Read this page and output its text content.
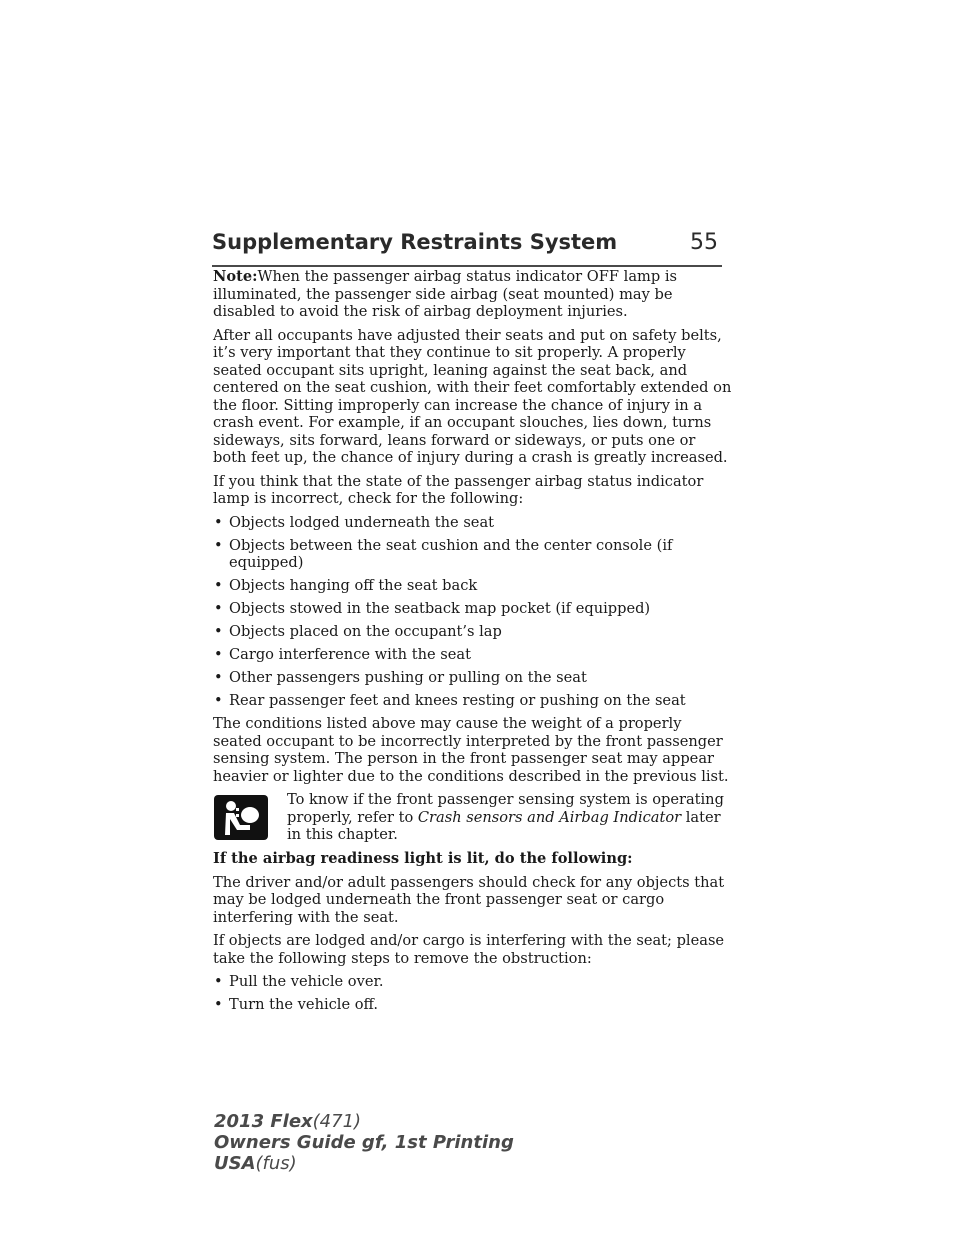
Supplementary Restraints System	55

Note:When the passenger airbag status indicator OFF lamp is illuminated, the passenger side airbag (seat mounted) may be disabled to avoid the risk of airbag deployment injuries.

After all occupants have adjusted their seats and put on safety belts, it’s very important that they continue to sit properly. A properly seated occupant sits upright, leaning against the seat back, and centered on the seat cushion, with their feet comfortably extended on the floor. Sitting improperly can increase the chance of injury in a crash event. For example, if an occupant slouches, lies down, turns sideways, sits forward, leans forward or sideways, or puts one or both feet up, the chance of injury during a crash is greatly increased.

If you think that the state of the passenger airbag status indicator lamp is incorrect, check for the following:

• Objects lodged underneath the seat
• Objects between the seat cushion and the center console (if equipped)
• Objects hanging off the seat back
• Objects stowed in the seatback map pocket (if equipped)
• Objects placed on the occupant’s lap
• Cargo interference with the seat
• Other passengers pushing or pulling on the seat
• Rear passenger feet and knees resting or pushing on the seat

The conditions listed above may cause the weight of a properly seated occupant to be incorrectly interpreted by the front passenger sensing system. The person in the front passenger seat may appear heavier or lighter due to the conditions described in the previous list.

To know if the front passenger sensing system is operating properly, refer to Crash sensors and Airbag Indicator later in this chapter.

If the airbag readiness light is lit, do the following:

The driver and/or adult passengers should check for any objects that may be lodged underneath the front passenger seat or cargo interfering with the seat.

If objects are lodged and/or cargo is interfering with the seat; please take the following steps to remove the obstruction:

• Pull the vehicle over.
• Turn the vehicle off.
2013 Flex(471)
Owners Guide gf, 1st Printing
USA(fus)
